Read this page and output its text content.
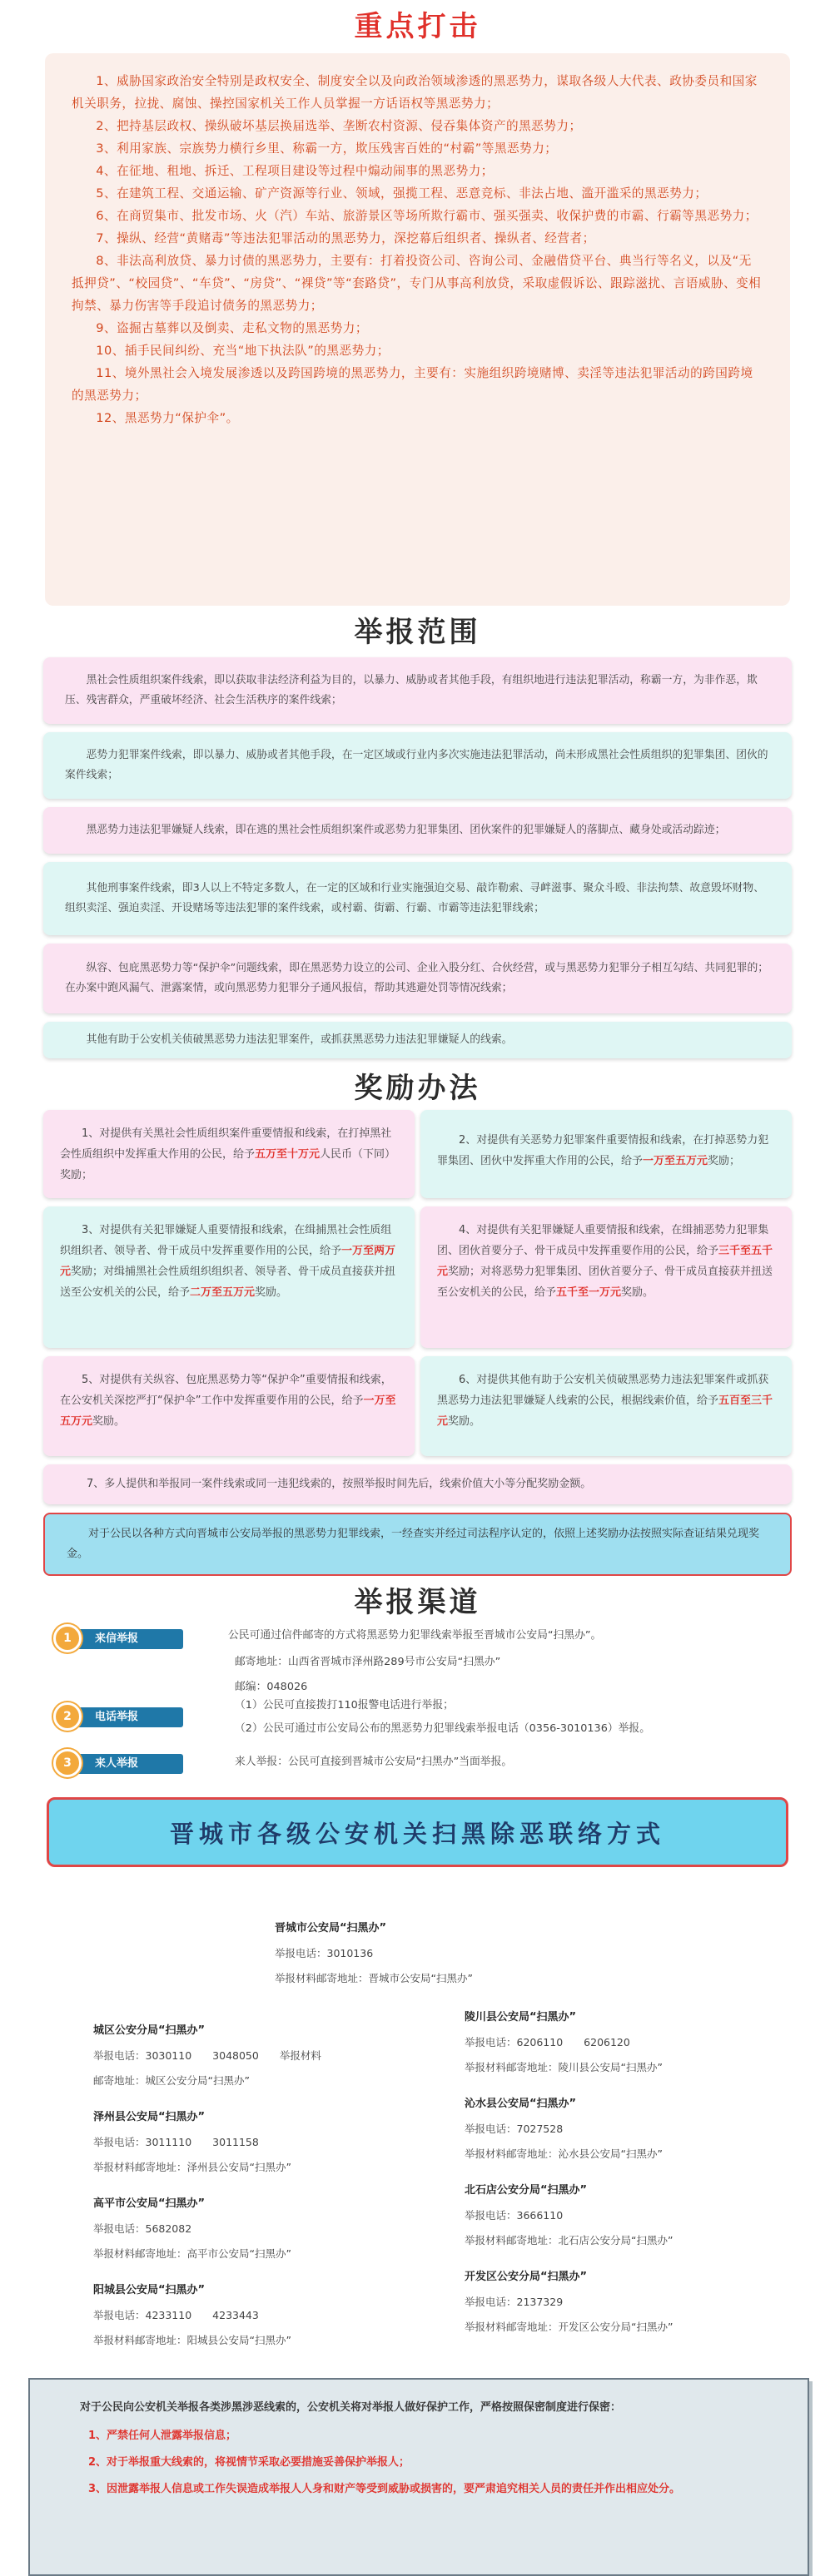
重点打击

1、威胁国家政治安全特别是政权安全、制度安全以及向政治领域渗透的黑恶势力，谋取各级人大代表、政协委员和国家机关职务，拉拢、腐蚀、操控国家机关工作人员掌握一方话语权等黑恶势力；

2、把持基层政权、操纵破坏基层换届选举、垄断农村资源、侵吞集体资产的黑恶势力；

3、利用家族、宗族势力横行乡里、称霸一方，欺压残害百姓的“村霸”等黑恶势力；

4、在征地、租地、拆迁、工程项目建设等过程中煽动闹事的黑恶势力；

5、在建筑工程、交通运输、矿产资源等行业、领域，强揽工程、恶意竞标、非法占地、滥开滥采的黑恶势力；

6、在商贸集市、批发市场、火（汽）车站、旅游景区等场所欺行霸市、强买强卖、收保护费的市霸、行霸等黑恶势力；

7、操纵、经营“黄赌毒”等违法犯罪活动的黑恶势力，深挖幕后组织者、操纵者、经营者；

8、非法高利放贷、暴力讨债的黑恶势力，主要有：打着投资公司、咨询公司、金融借贷平台、典当行等名义，以及“无抵押贷”、“校园贷”、“车贷”、“房贷”、“裸贷”等“套路贷”，专门从事高利放贷，采取虚假诉讼、跟踪滋扰、言语威胁、变相拘禁、暴力伤害等手段追讨债务的黑恶势力；

9、盗掘古墓葬以及倒卖、走私文物的黑恶势力；

10、插手民间纠纷、充当“地下执法队”的黑恶势力；

11、境外黑社会入境发展渗透以及跨国跨境的黑恶势力，主要有：实施组织跨境赌博、卖淫等违法犯罪活动的跨国跨境的黑恶势力；

12、黑恶势力“保护伞”。

举报范围
黑社会性质组织案件线索，即以获取非法经济利益为目的，以暴力、威胁或者其他手段，有组织地进行违法犯罪活动，称霸一方，为非作恶，欺压、残害群众，严重破坏经济、社会生活秩序的案件线索；
恶势力犯罪案件线索，即以暴力、威胁或者其他手段，在一定区域或行业内多次实施违法犯罪活动，尚未形成黑社会性质组织的犯罪集团、团伙的案件线索；
黑恶势力违法犯罪嫌疑人线索，即在逃的黑社会性质组织案件或恶势力犯罪集团、团伙案件的犯罪嫌疑人的落脚点、藏身处或活动踪迹；
其他刑事案件线索，即3人以上不特定多数人，在一定的区域和行业实施强迫交易、敲诈勒索、寻衅滋事、聚众斗殴、非法拘禁、故意毁坏财物、组织卖淫、强迫卖淫、开设赌场等违法犯罪的案件线索，或村霸、街霸、行霸、市霸等违法犯罪线索；
纵容、包庇黑恶势力等“保护伞”问题线索，即在黑恶势力设立的公司、企业入股分红、合伙经营，或与黑恶势力犯罪分子相互勾结、共同犯罪的；在办案中跑风漏气、泄露案情，或向黑恶势力犯罪分子通风报信，帮助其逃避处罚等情况线索；
其他有助于公安机关侦破黑恶势力违法犯罪案件，或抓获黑恶势力违法犯罪嫌疑人的线索。
奖励办法
1、对提供有关黑社会性质组织案件重要情报和线索，在打掉黑社会性质组织中发挥重大作用的公民，给予五万至十万元人民币（下同）奖励；
2、对提供有关恶势力犯罪案件重要情报和线索，在打掉恶势力犯罪集团、团伙中发挥重大作用的公民，给予一万至五万元奖励；
3、对提供有关犯罪嫌疑人重要情报和线索，在缉捕黑社会性质组织组织者、领导者、骨干成员中发挥重要作用的公民，给予一万至两万元奖励；对缉捕黑社会性质组织组织者、领导者、骨干成员直接获并扭送至公安机关的公民，给予二万至五万元奖励。
4、对提供有关犯罪嫌疑人重要情报和线索，在缉捕恶势力犯罪集团、团伙首要分子、骨干成员中发挥重要作用的公民，给予三千至五千元奖励；对将恶势力犯罪集团、团伙首要分子、骨干成员直接获并扭送至公安机关的公民，给予五千至一万元奖励。
5、对提供有关纵容、包庇黑恶势力等“保护伞”重要情报和线索，在公安机关深挖严打“保护伞”工作中发挥重要作用的公民，给予一万至五万元奖励。
6、对提供其他有助于公安机关侦破黑恶势力违法犯罪案件或抓获黑恶势力违法犯罪嫌疑人线索的公民，根据线索价值，给予五百至三千元奖励。
7、多人提供和举报同一案件线索或同一违犯线索的，按照举报时间先后，线索价值大小等分配奖励金额。
对于公民以各种方式向晋城市公安局举报的黑恶势力犯罪线索，一经查实并经过司法程序认定的，依照上述奖励办法按照实际查证结果兑现奖金。
举报渠道
来信举报
1
电话举报
2
来人举报
3
公民可通过信件邮寄的方式将黑恶势力犯罪线索举报至晋城市公安局“扫黑办”。
邮寄地址：山西省晋城市泽州路289号市公安局“扫黑办”
邮编：048026
（1）公民可直接拨打110报警电话进行举报；
（2）公民可通过市公安局公布的黑恶势力犯罪线索举报电话（0356-3010136）举报。
来人举报：公民可直接到晋城市公安局“扫黑办”当面举报。
晋城市各级公安机关扫黑除恶联络方式
晋城市公安局“扫黑办”
举报电话：3010136
举报材料邮寄地址：晋城市公安局“扫黑办”
城区公安分局“扫黑办”
举报电话：3030110　　3048050　　举报材料
邮寄地址：城区公安分局“扫黑办”
泽州县公安局“扫黑办”
举报电话：3011110　　3011158
举报材料邮寄地址：泽州县公安局“扫黑办”
高平市公安局“扫黑办”
举报电话：5682082
举报材料邮寄地址：高平市公安局“扫黑办”
阳城县公安局“扫黑办”
举报电话：4233110　　4233443
举报材料邮寄地址：阳城县公安局“扫黑办”
陵川县公安局“扫黑办”
举报电话：6206110　　6206120
举报材料邮寄地址：陵川县公安局“扫黑办”
沁水县公安局“扫黑办”
举报电话：7027528
举报材料邮寄地址：沁水县公安局“扫黑办”
北石店公安分局“扫黑办”
举报电话：3666110
举报材料邮寄地址：北石店公安分局“扫黑办”
开发区公安分局“扫黑办”
举报电话：2137329
举报材料邮寄地址：开发区公安分局“扫黑办”

对于公民向公安机关举报各类涉黑涉恶线索的，公安机关将对举报人做好保护工作，严格按照保密制度进行保密：

1、严禁任何人泄露举报信息；

2、对于举报重大线索的，将视情节采取必要措施妥善保护举报人；

3、因泄露举报人信息或工作失误造成举报人人身和财产等受到威胁或损害的，要严肃追究相关人员的责任并作出相应处分。
